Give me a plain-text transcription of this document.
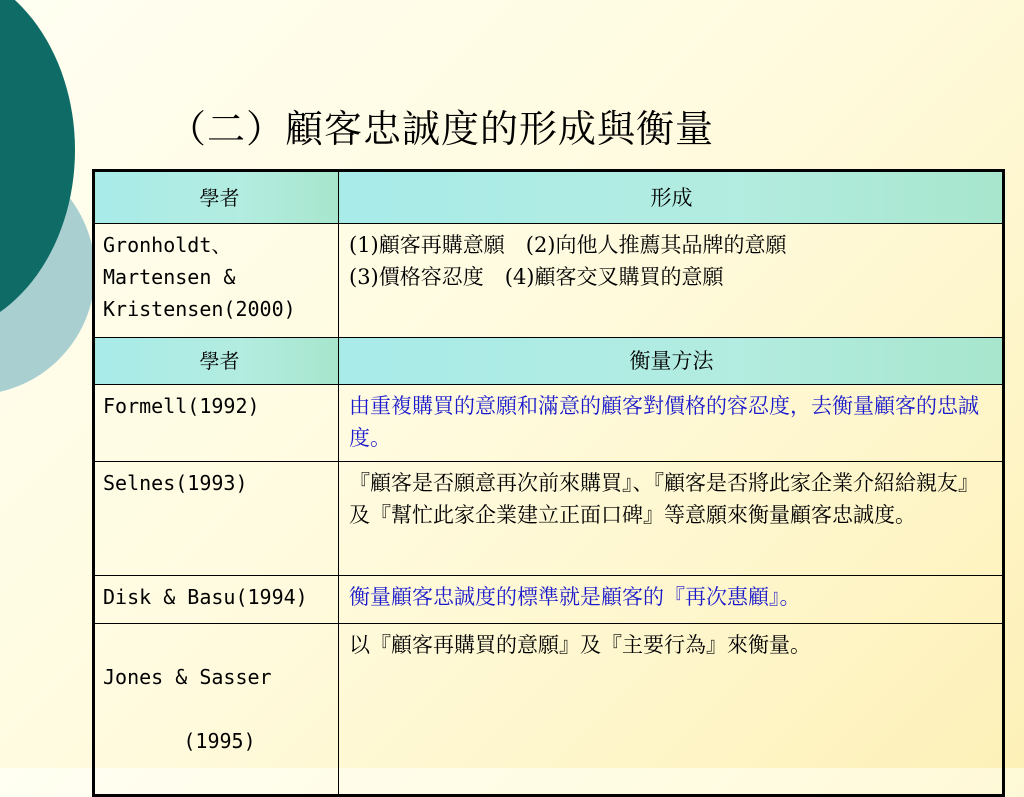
（二）顧客忠誠度的形成與衡量
學者	形成
Gronholdt、
Martensen &
Kristensen(2000)	(1)顧客再購意願　(2)向他人推薦其品牌的意願
(3)價格容忍度　(4)顧客交叉購買的意願
學者	衡量方法
Formell(1992)	由重複購買的意願和滿意的顧客對價格的容忍度，去衡量顧客的忠誠度。
Selnes(1993)	『顧客是否願意再次前來購買』、『顧客是否將此家企業介紹給親友』及『幫忙此家企業建立正面口碑』等意願來衡量顧客忠誠度。
Disk & Basu(1994)	衡量顧客忠誠度的標準就是顧客的『再次惠顧』。

Jones & Sasser

(1995)	以『顧客再購買的意願』及『主要行為』來衡量。
